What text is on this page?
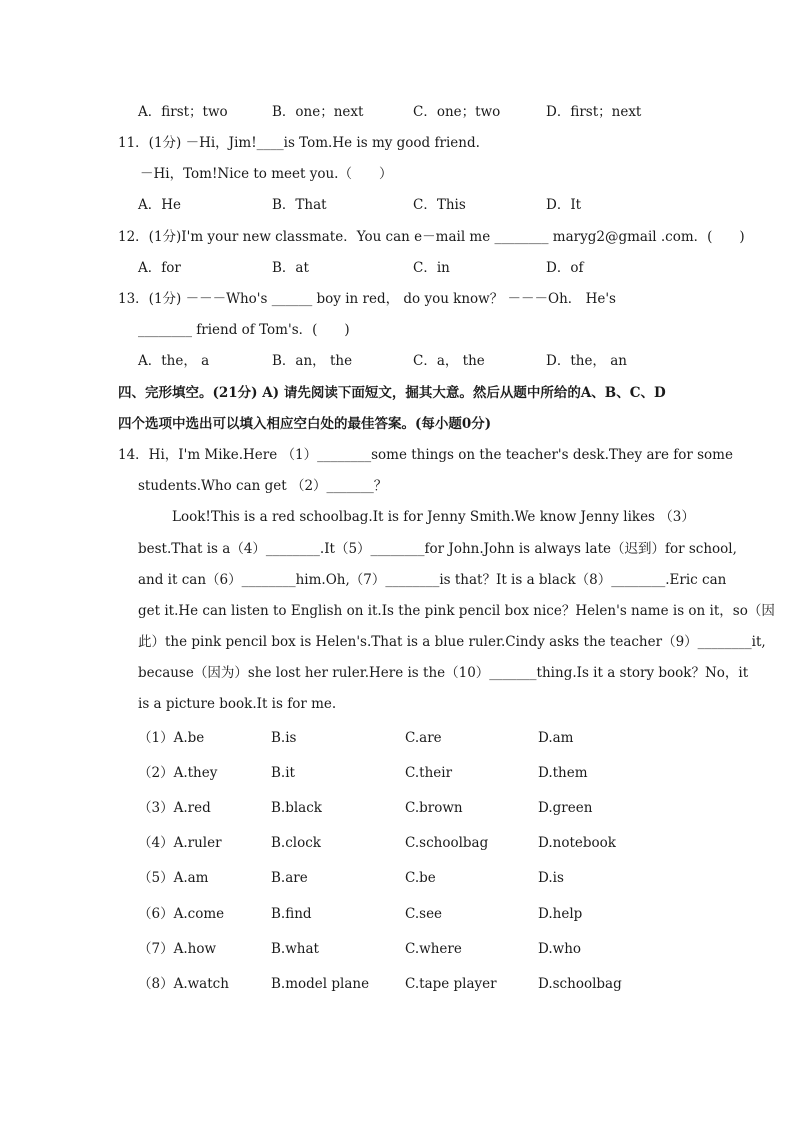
A．first；two	B．one；next	C．one；two	D．first；next
11．(1分) －Hi，Jim!____is Tom.He is my good friend.
－Hi，Tom!Nice to meet you.（　　）
A．He	B．That	C．This	D．It
12．(1分)I'm your new classmate．You can e－mail me ________ maryg2@gmail .com．(　　)
A．for	B．at	C．in	D．of
13．(1分) －－－Who's ______ boy in red， do you know？ －－－Oh． He's
________ friend of Tom's．(　　)
A．the， a	B．an， the	C．a， the	D．the， an
四、完形填空。(21分) A) 请先阅读下面短文，掘其大意。然后从题中所给的A、B、C、D
四个选项中选出可以填入相应空白处的最佳答案。(每小题0分)
14．Hi，I'm Mike.Here （1）________some things on the teacher's desk.They are for some
students.Who can get （2）_______？
Look!This is a red schoolbag.It is for Jenny Smith.We know Jenny likes （3）
best.That is a（4）________.It（5）________for John.John is always late（迟到）for school,
and it can（6）________him.Oh,（7）________is that？It is a black（8）________.Eric can
get it.He can listen to English on it.Is the pink pencil box nice？Helen's name is on it，so（因
此）the pink pencil box is Helen's.That is a blue ruler.Cindy asks the teacher（9）________it,
because（因为）she lost her ruler.Here is the（10）_______thing.Is it a story book？No，it
is a picture book.It is for me.
（1）A.be	B.is	C.are	D.am
（2）A.they	B.it	C.their	D.them
（3）A.red	B.black	C.brown	D.green
（4）A.ruler	B.clock	C.schoolbag	D.notebook
（5）A.am	B.are	C.be	D.is
（6）A.come	B.find	C.see	D.help
（7）A.how	B.what	C.where	D.who
（8）A.watch	B.model plane	C.tape player	D.schoolbag
